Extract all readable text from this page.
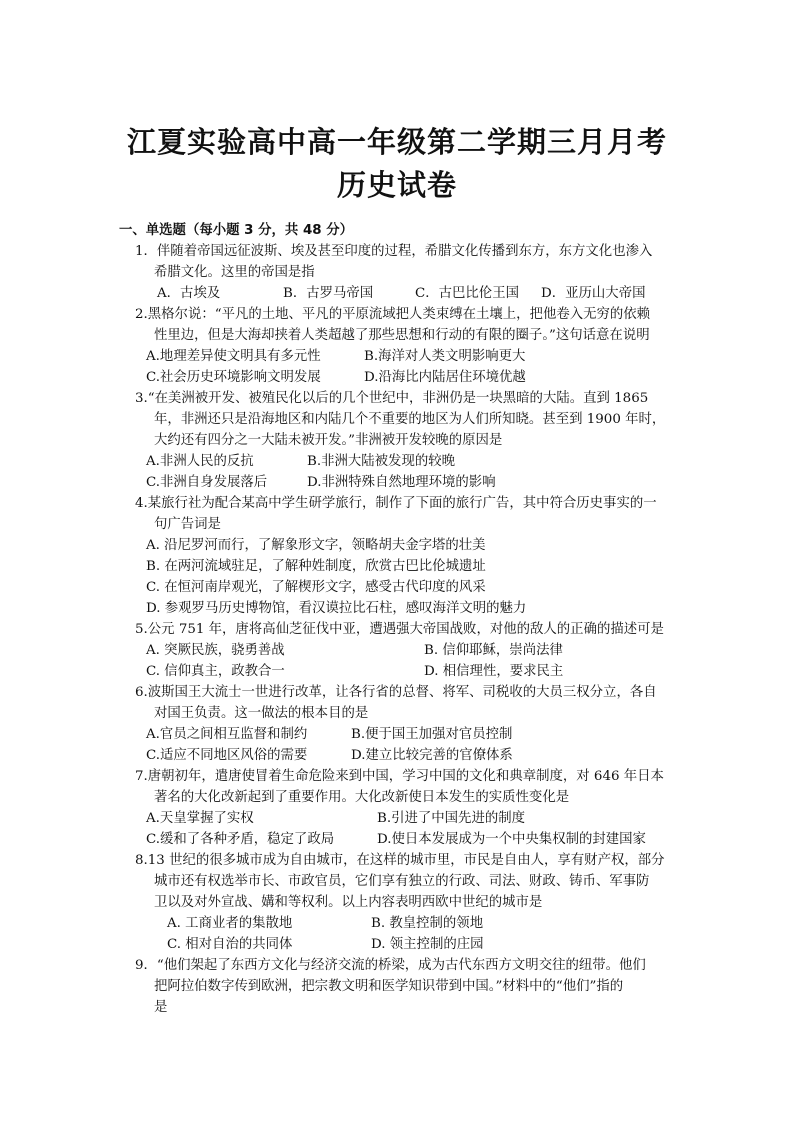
江夏实验高中高一年级第二学期三月月考
历史试卷
一、单选题（每小题 3 分，共 48 分）
1．伴随着帝国远征波斯、埃及甚至印度的过程，希腊文化传播到东方，东方文化也渗入
希腊文化。这里的帝国是指
A．古埃及	B．古罗马帝国	C．古巴比伦王国 D．亚历山大帝国
2.黑格尔说：“平凡的土地、平凡的平原流域把人类束缚在土壤上，把他卷入无穷的依赖
性里边，但是大海却挟着人类超越了那些思想和行动的有限的圈子。”这句话意在说明
A.地理差异使文明具有多元性	B.海洋对人类文明影响更大
C.社会历史环境影响文明发展	D.沿海比内陆居住环境优越
3.“在美洲被开发、被殖民化以后的几个世纪中，非洲仍是一块黑暗的大陆。直到 1865
年，非洲还只是沿海地区和内陆几个不重要的地区为人们所知晓。甚至到 1900 年时，
大约还有四分之一大陆未被开发。”非洲被开发较晚的原因是
A.非洲人民的反抗	B.非洲大陆被发现的较晚
C.非洲自身发展落后	D.非洲特殊自然地理环境的影响
4.某旅行社为配合某高中学生研学旅行，制作了下面的旅行广告，其中符合历史事实的一
句广告词是
A. 沿尼罗河而行，了解象形文字，领略胡夫金字塔的壮美
B. 在两河流域驻足，了解种姓制度，欣赏古巴比伦城遗址
C. 在恒河南岸观光，了解楔形文字，感受古代印度的风采
D. 参观罗马历史博物馆，看汉谟拉比石柱，感叹海洋文明的魅力
5.公元 751 年，唐将高仙芝征伐中亚，遭遇强大帝国战败，对他的敌人的正确的描述可是
A. 突厥民族，骁勇善战	B. 信仰耶稣，崇尚法律
C. 信仰真主，政教合一	D. 相信理性，要求民主
6.波斯国王大流士一世进行改革，让各行省的总督、将军、司税收的大员三权分立，各自
对国王负责。这一做法的根本目的是
A.官员之间相互监督和制约	B.便于国王加强对官员控制
C.适应不同地区风俗的需要	D.建立比较完善的官僚体系
7.唐朝初年，遣唐使冒着生命危险来到中国，学习中国的文化和典章制度，对 646 年日本
著名的大化改新起到了重要作用。大化改新使日本发生的实质性变化是
A.天皇掌握了实权	B.引进了中国先进的制度
C.缓和了各种矛盾，稳定了政局	D.使日本发展成为一个中央集权制的封建国家
8.13 世纪的很多城市成为自由城市，在这样的城市里，市民是自由人，享有财产权，部分
城市还有权选举市长、市政官员，它们享有独立的行政、司法、财政、铸币、军事防
卫以及对外宣战、媾和等权利。以上内容表明西欧中世纪的城市是
A. 工商业者的集散地	B. 教皇控制的领地
C. 相对自治的共同体	D. 领主控制的庄园
9．“他们架起了东西方文化与经济交流的桥梁，成为古代东西方文明交往的纽带。他们
把阿拉伯数字传到欧洲，把宗教文明和医学知识带到中国。”材料中的“他们”指的
是
